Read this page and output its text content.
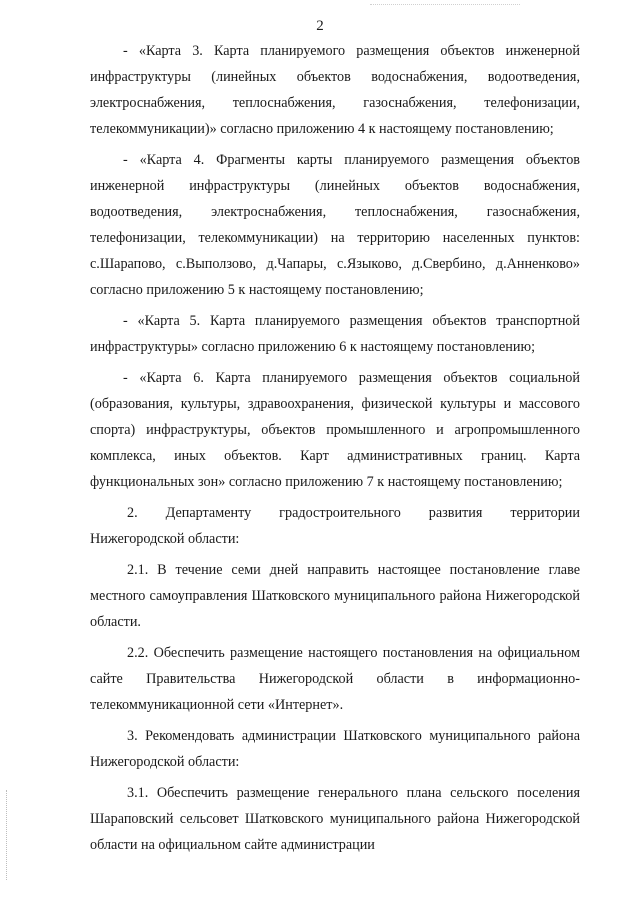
2

- «Карта 3. Карта планируемого размещения объектов инженерной инфраструктуры (линейных объектов водоснабжения, водоотведения, электроснабжения, теплоснабжения, газоснабжения, телефонизации, телекоммуникации)» согласно приложению 4 к настоящему постановлению;

- «Карта 4. Фрагменты карты планируемого размещения объектов инженерной инфраструктуры (линейных объектов водоснабжения, водоотведения, электроснабжения, теплоснабжения, газоснабжения, телефонизации, телекоммуникации) на территорию населенных пунктов: с.Шарапово, с.Выползово, д.Чапары, с.Языково, д.Свербино, д.Анненково» согласно приложению 5 к настоящему постановлению;

- «Карта 5. Карта планируемого размещения объектов транспортной инфраструктуры» согласно приложению 6 к настоящему постановлению;

- «Карта 6. Карта планируемого размещения объектов социальной (образования, культуры, здравоохранения, физической культуры и массового спорта) инфраструктуры, объектов промышленного и агропромышленного комплекса, иных объектов. Карт административных границ. Карта функциональных зон» согласно приложению 7 к настоящему постановлению;

2. Департаменту градостроительного развития территории Нижегородской области:

2.1. В течение семи дней направить настоящее постановление главе местного самоуправления Шатковского муниципального района Нижегородской области.

2.2. Обеспечить размещение настоящего постановления на официальном сайте Правительства Нижегородской области в информационно-телекоммуникационной сети «Интернет».

3. Рекомендовать администрации Шатковского муниципального района Нижегородской области:

3.1. Обеспечить размещение генерального плана сельского поселения Шараповский сельсовет Шатковского муниципального района Нижегородской области на официальном сайте администрации
